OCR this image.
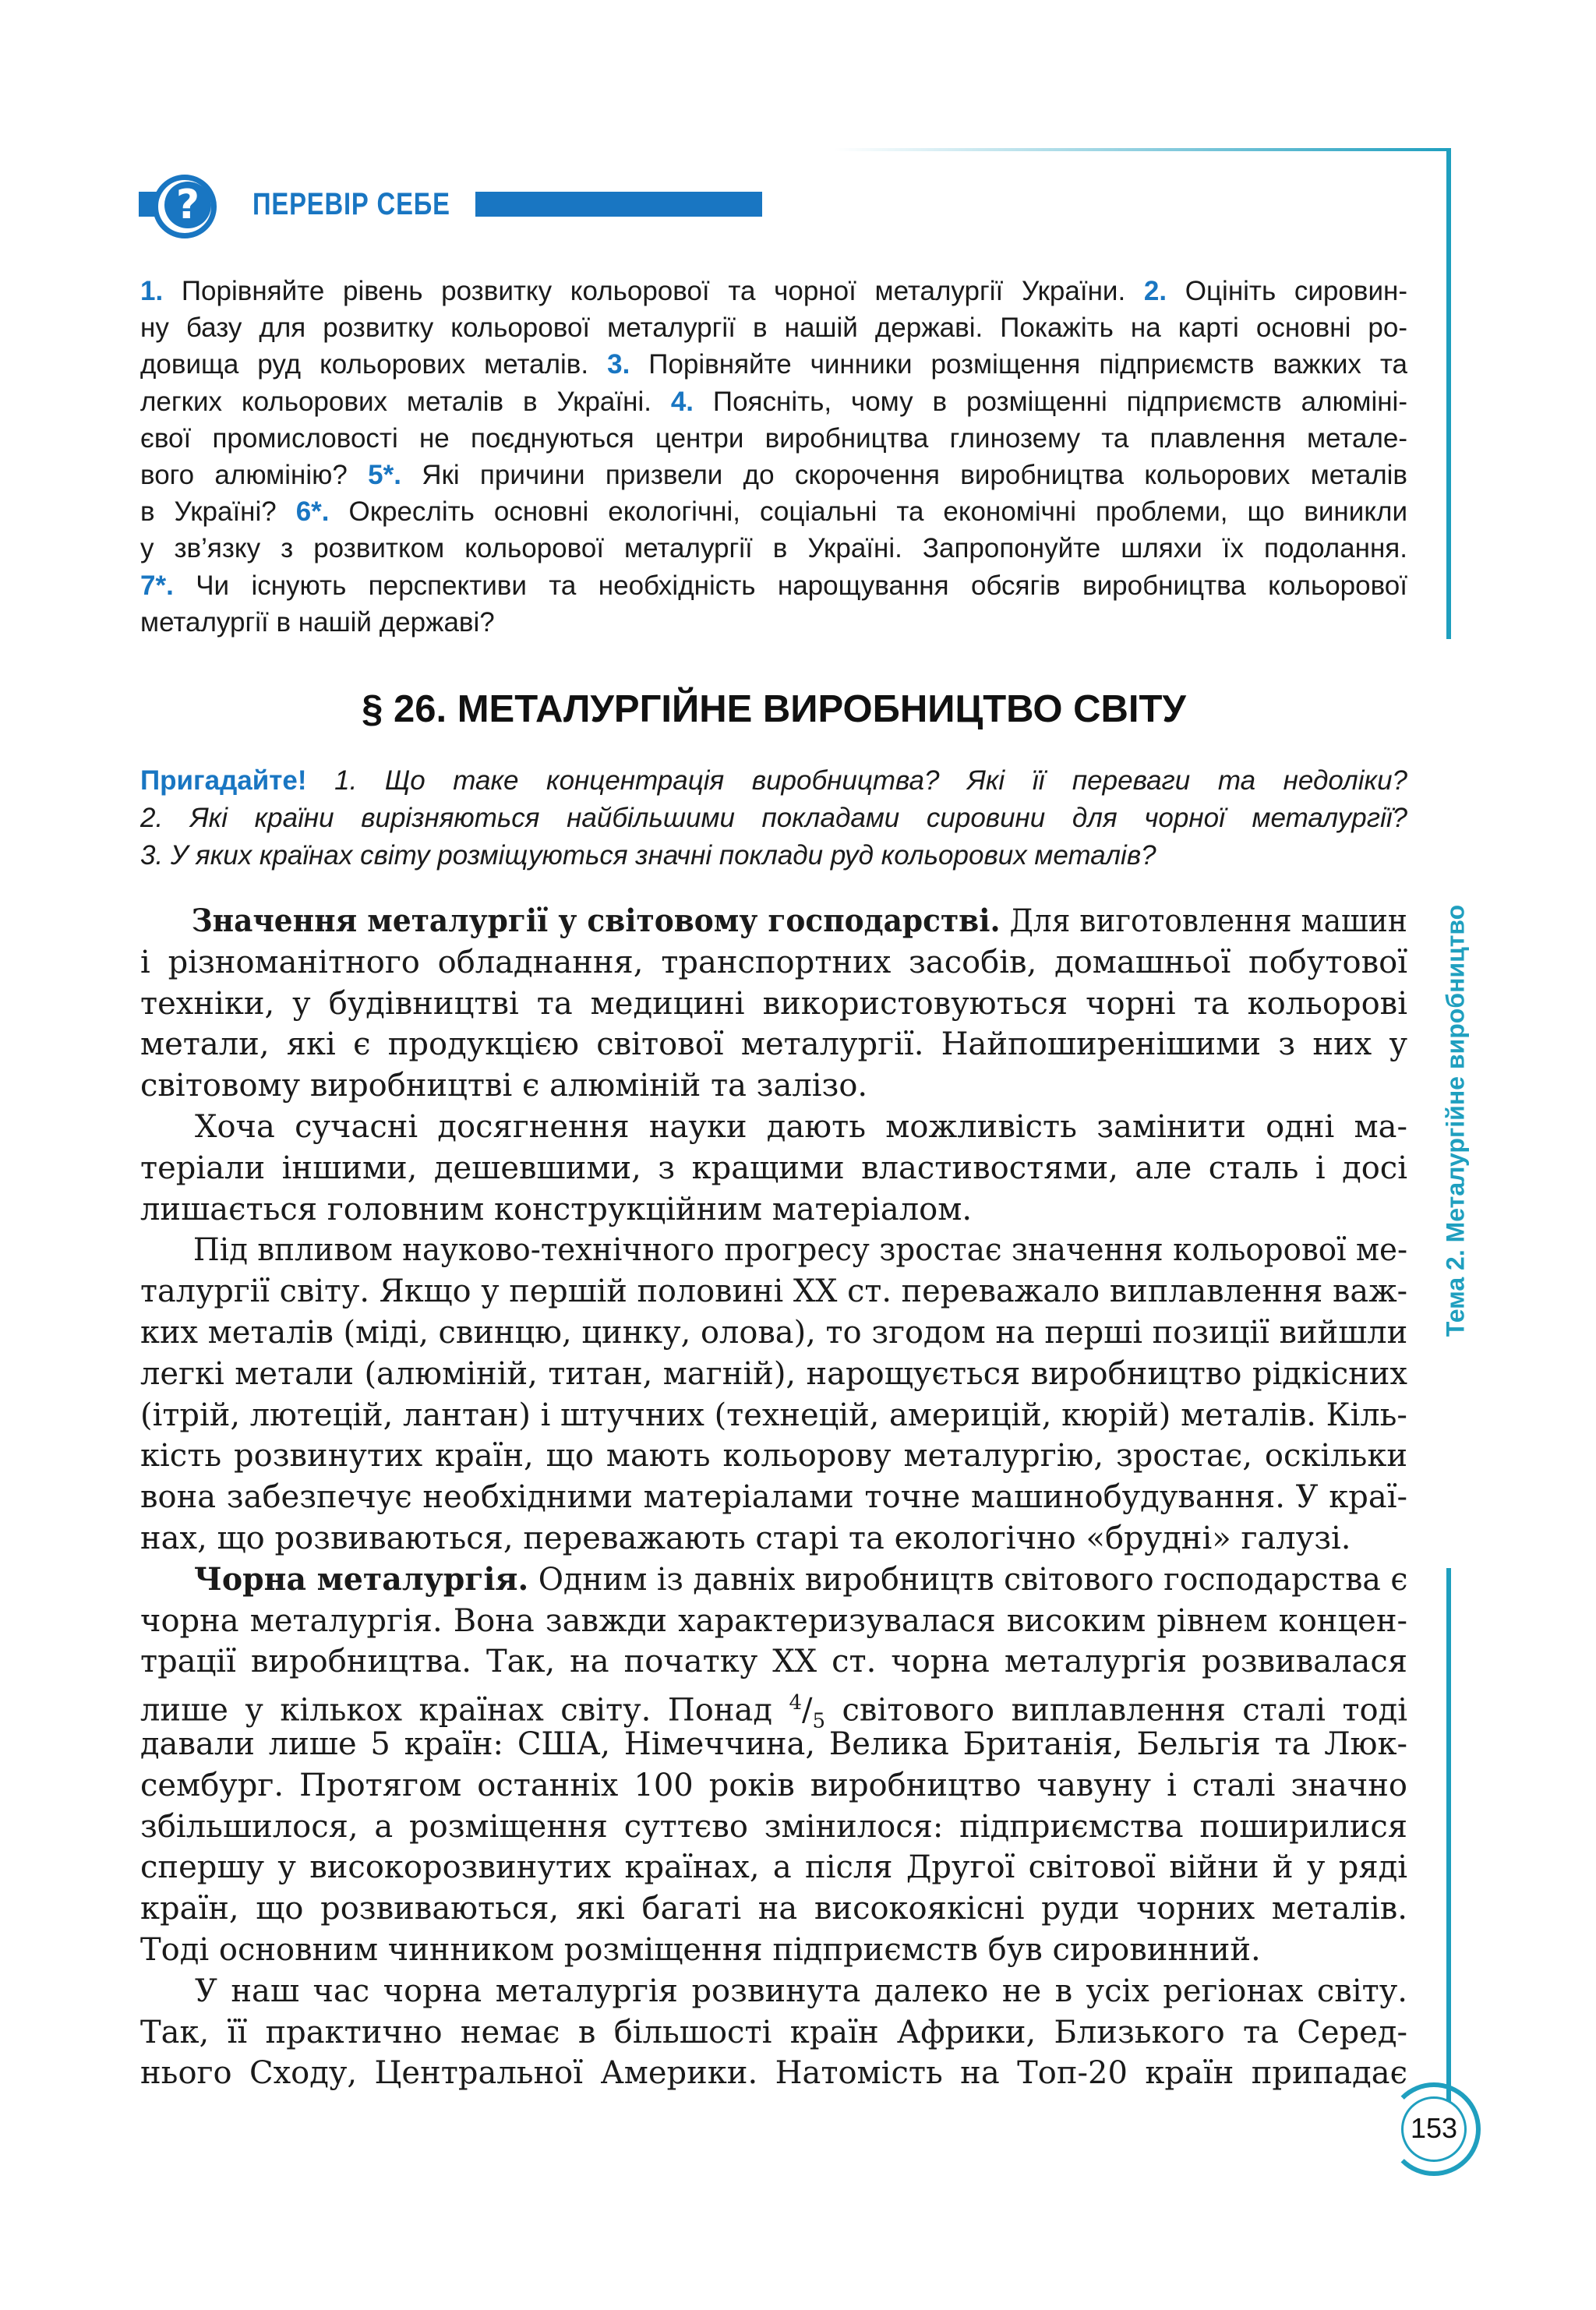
?	ПЕРЕВІР СЕБЕ
1. Порівняйте рівень розвитку кольорової та чорної металургії України. 2. Оцініть сировин-
ну базу для розвитку кольорової металургії в нашій державі. Покажіть на карті основні ро-
довища руд кольорових металів. 3. Порівняйте чинники розміщення підприємств важких та
легких кольорових металів в Україні. 4. Поясніть, чому в розміщенні підприємств алюміні-
євої промисловості не поєднуються центри виробництва глинозему та плавлення метале-
вого алюмінію? 5*. Які причини призвели до скорочення виробництва кольорових металів
в Україні? 6*. Окресліть основні екологічні, соціальні та економічні проблеми, що виникли
у зв’язку з розвитком кольорової металургії в Україні. Запропонуйте шляхи їх подолання.
7*. Чи існують перспективи та необхідність нарощування обсягів виробництва кольорової
металургії в нашій державі?
§ 26. МЕТАЛУРГІЙНЕ ВИРОБНИЦТВО СВІТУ
Пригадайте! 1. Що таке концентрація виробництва? Які її переваги та недоліки?
2. Які країни вирізняються найбільшими покладами сировини для чорної металургії?
3. У яких країнах світу розміщуються значні поклади руд кольорових металів?
Значення металургії у світовому господарстві. Для виготовлення машин
і різноманітного обладнання, транспортних засобів, домашньої побутової
техніки, у будівництві та медицині використовуються чорні та кольорові
метали, які є продукцією світової металургії. Найпоширенішими з них у
світовому виробництві є алюміній та залізо.
Хоча сучасні досягнення науки дають можливість замінити одні ма-
теріали іншими, дешевшими, з кращими властивостями, але сталь і досі
лишається головним конструкційним матеріалом.
Під впливом науково-технічного прогресу зростає значення кольорової ме-
талургії світу. Якщо у першій половині XX ст. переважало виплавлення важ-
ких металів (міді, свинцю, цинку, олова), то згодом на перші позиції вийшли
легкі метали (алюміній, титан, магній), нарощується виробництво рідкісних
(ітрій, лютецій, лантан) і штучних (технецій, америцій, кюрій) металів. Кіль-
кість розвинутих країн, що мають кольорову металургію, зростає, оскільки
вона забезпечує необхідними матеріалами точне машинобудування. У краї-
нах, що розвиваються, переважають старі та екологічно «брудні» галузі.
Чорна металургія. Одним із давніх виробництв світового господарства є
чорна металургія. Вона завжди характеризувалася високим рівнем концен-
трації виробництва. Так, на початку XX ст. чорна металургія розвивалася
лише у кількох країнах світу. Понад $^4/_5$ світового виплавлення сталі тоді
давали лише 5 країн: США, Німеччина, Велика Британія, Бельгія та Люк-
сембург. Протягом останніх 100 років виробництво чавуну і сталі значно
збільшилося, а розміщення суттєво змінилося: підприємства поширилися
спершу у високорозвинутих країнах, а після Другої світової війни й у ряді
країн, що розвиваються, які багаті на високоякісні руди чорних металів.
Тоді основним чинником розміщення підприємств був сировинний.
У наш час чорна металургія розвинута далеко не в усіх регіонах світу.
Так, її практично немає в більшості країн Африки, Близького та Серед-
нього Сходу, Центральної Америки. Натомість на Топ-20 країн припадає
Тема 2. Металургійне виробництво
153
